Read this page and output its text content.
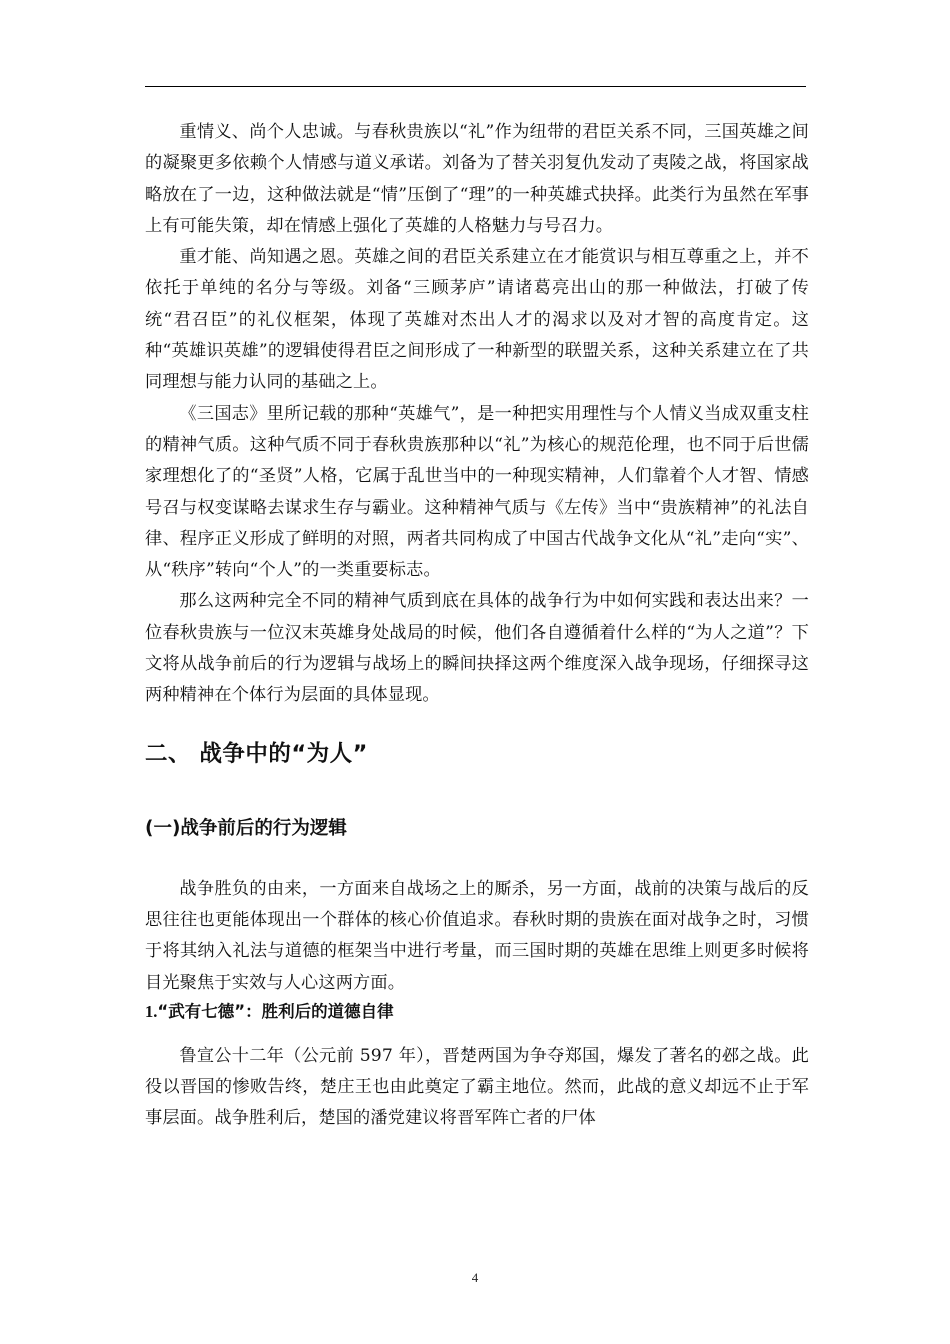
重情义、尚个人忠诚。与春秋贵族以“礼”作为纽带的君臣关系不同，三国英雄之间的凝聚更多依赖个人情感与道义承诺。刘备为了替关羽复仇发动了夷陵之战，将国家战略放在了一边，这种做法就是“情”压倒了“理”的一种英雄式抉择。此类行为虽然在军事上有可能失策，却在情感上强化了英雄的人格魅力与号召力。

重才能、尚知遇之恩。英雄之间的君臣关系建立在才能赏识与相互尊重之上，并不依托于单纯的名分与等级。刘备“三顾茅庐”请诸葛亮出山的那一种做法，打破了传统“君召臣”的礼仪框架，体现了英雄对杰出人才的渴求以及对才智的高度肯定。这种“英雄识英雄”的逻辑使得君臣之间形成了一种新型的联盟关系，这种关系建立在了共同理想与能力认同的基础之上。

《三国志》里所记载的那种“英雄气”，是一种把实用理性与个人情义当成双重支柱的精神气质。这种气质不同于春秋贵族那种以“礼”为核心的规范伦理，也不同于后世儒家理想化了的“圣贤”人格，它属于乱世当中的一种现实精神，人们靠着个人才智、情感号召与权变谋略去谋求生存与霸业。这种精神气质与《左传》当中“贵族精神”的礼法自律、程序正义形成了鲜明的对照，两者共同构成了中国古代战争文化从“礼”走向“实”、从“秩序”转向“个人”的一类重要标志。

那么这两种完全不同的精神气质到底在具体的战争行为中如何实践和表达出来？一位春秋贵族与一位汉末英雄身处战局的时候，他们各自遵循着什么样的“为人之道”？下文将从战争前后的行为逻辑与战场上的瞬间抉择这两个维度深入战争现场，仔细探寻这两种精神在个体行为层面的具体显现。

二、 战争中的“为人”
(一)战争前后的行为逻辑

战争胜负的由来，一方面来自战场之上的厮杀，另一方面，战前的决策与战后的反思往往也更能体现出一个群体的核心价值追求。春秋时期的贵族在面对战争之时，习惯于将其纳入礼法与道德的框架当中进行考量，而三国时期的英雄在思维上则更多时候将目光聚焦于实效与人心这两方面。

1.“武有七德”：胜利后的道德自律

鲁宣公十二年（公元前 597 年），晋楚两国为争夺郑国，爆发了著名的邲之战。此役以晋国的惨败告终，楚庄王也由此奠定了霸主地位。然而，此战的意义却远不止于军事层面。战争胜利后，楚国的潘党建议将晋军阵亡者的尸体

4
